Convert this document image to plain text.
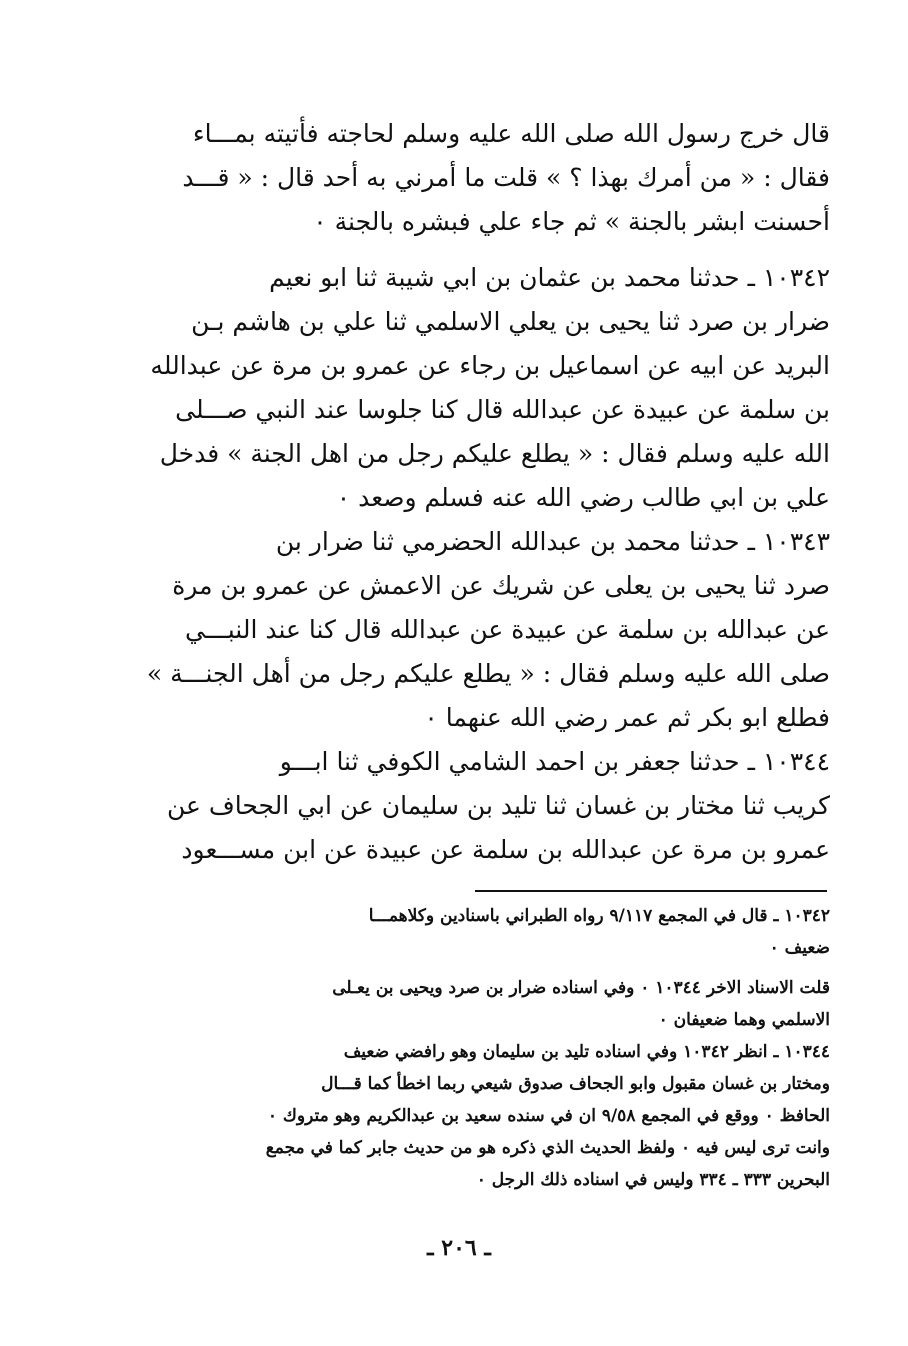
قال خرج رسول الله صلى الله عليه وسلم لحاجته فأتيته بمـــاء
فقال : « من أمرك بهذا ؟ » قلت ما أمرني به أحد قال : « قـــد
أحسنت ابشر بالجنة » ثم جاء علي فبشره بالجنة ٠
١٠٣٤٢ ـ حدثنا محمد بن عثمان بن ابي شيبة ثنا ابو نعيم
ضرار بن صرد ثنا يحيى بن يعلي الاسلمي ثنا علي بن هاشم بـن
البريد عن ابيه عن اسماعيل بن رجاء عن عمرو بن مرة عن عبدالله
بن سلمة عن عبيدة عن عبدالله قال كنا جلوسا عند النبي صـــلى
الله عليه وسلم فقال : « يطلع عليكم رجل من اهل الجنة » فدخل
علي بن ابي طالب رضي الله عنه فسلم وصعد ٠
١٠٣٤٣ ـ حدثنا محمد بن عبدالله الحضرمي ثنا ضرار بن
صرد ثنا يحيى بن يعلى عن شريك عن الاعمش عن عمرو بن مرة
عن عبدالله بن سلمة عن عبيدة عن عبدالله قال كنا عند النبـــي
صلى الله عليه وسلم فقال : « يطلع عليكم رجل من أهل الجنـــة »
فطلع ابو بكر ثم عمر رضي الله عنهما ٠
١٠٣٤٤ ـ حدثنا جعفر بن احمد الشامي الكوفي ثنا ابـــو
كريب ثنا مختار بن غسان ثنا تليد بن سليمان عن ابي الجحاف عن
عمرو بن مرة عن عبدالله بن سلمة عن عبيدة عن ابن مســـعود
١٠٣٤٢ ـ قال في المجمع ٩/١١٧ رواه الطبراني باسنادين وكلاهمـــا
ضعيف ٠
قلت الاسناد الاخر ١٠٣٤٤ ٠ وفي اسناده ضرار بن صرد ويحيى بن يعـلى
الاسلمي وهما ضعيفان ٠
١٠٣٤٤ ـ انظر ١٠٣٤٢ وفي اسناده تليد بن سليمان وهو رافضي ضعيف
ومختار بن غسان مقبول وابو الجحاف صدوق شيعي ربما اخطأ كما قـــال
الحافظ ٠ ووقع في المجمع ٩/٥٨ ان في سنده سعيد بن عبدالكريم وهو متروك ٠
وانت ترى ليس فيه ٠ ولفظ الحديث الذي ذكره هو من حديث جابر كما في مجمع
البحرين ٣٣٣ ـ ٣٣٤ وليس في اسناده ذلك الرجل ٠
ـ ٢٠٦ ـ
